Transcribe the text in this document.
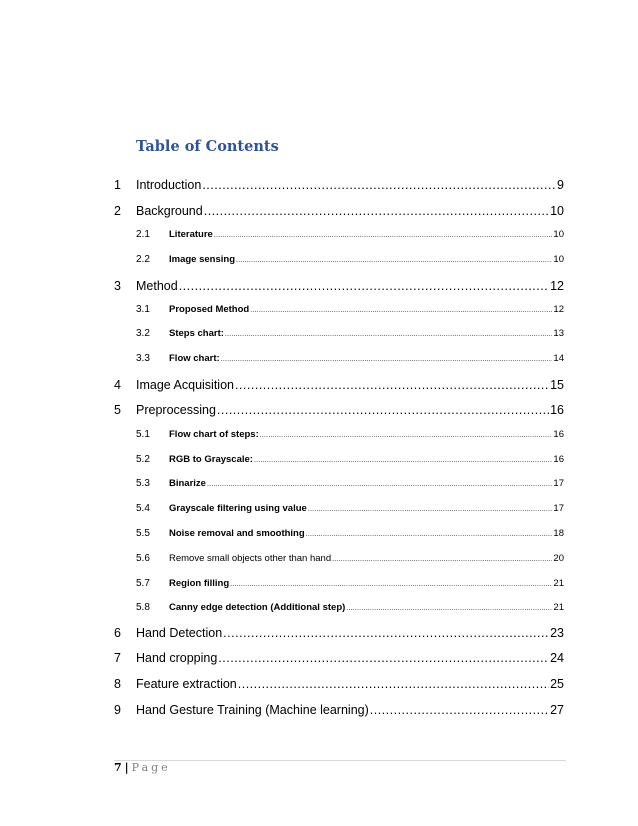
Table of Contents
1	Introduction .....	9
2	Background .....	10
2.1	Literature .....	10
2.2	Image sensing .....	10
3	Method .....	12
3.1	Proposed Method .....	12
3.2	Steps chart: .....	13
3.3	Flow chart: .....	14
4	Image Acquisition .....	15
5	Preprocessing .....	16
5.1	Flow chart of steps: .....	16
5.2	RGB to Grayscale: .....	16
5.3	Binarize .....	17
5.4	Grayscale filtering using value .....	17
5.5	Noise removal and smoothing .....	18
5.6	Remove small objects other than hand .....	20
5.7	Region filling .....	21
5.8	Canny edge detection (Additional step) .....	21
6	Hand Detection .....	23
7	Hand cropping .....	24
8	Feature extraction .....	25
9	Hand Gesture Training (Machine learning) .....	27
7 | Page
